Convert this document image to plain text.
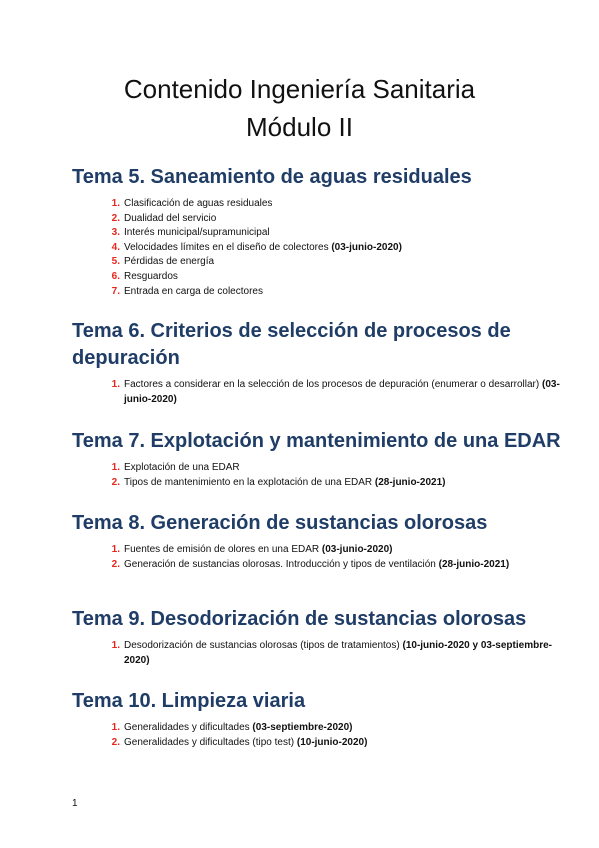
Contenido Ingeniería Sanitaria
Módulo II
Tema 5. Saneamiento de aguas residuales
1. Clasificación de aguas residuales
2. Dualidad del servicio
3. Interés municipal/supramunicipal
4. Velocidades límites en el diseño de colectores (03-junio-2020)
5. Pérdidas de energía
6. Resguardos
7. Entrada en carga de colectores
Tema 6. Criterios de selección de procesos de depuración
1. Factores a considerar en la selección de los procesos de depuración (enumerar o desarrollar) (03-junio-2020)
Tema 7. Explotación y mantenimiento de una EDAR
1. Explotación de una EDAR
2. Tipos de mantenimiento en la explotación de una EDAR (28-junio-2021)
Tema 8. Generación de sustancias olorosas
1. Fuentes de emisión de olores en una EDAR (03-junio-2020)
2. Generación de sustancias olorosas. Introducción y tipos de ventilación (28-junio-2021)
Tema 9. Desodorización de sustancias olorosas
1. Desodorización de sustancias olorosas (tipos de tratamientos) (10-junio-2020 y 03-septiembre-2020)
Tema 10. Limpieza viaria
1. Generalidades y dificultades (03-septiembre-2020)
2. Generalidades y dificultades (tipo test) (10-junio-2020)
1
